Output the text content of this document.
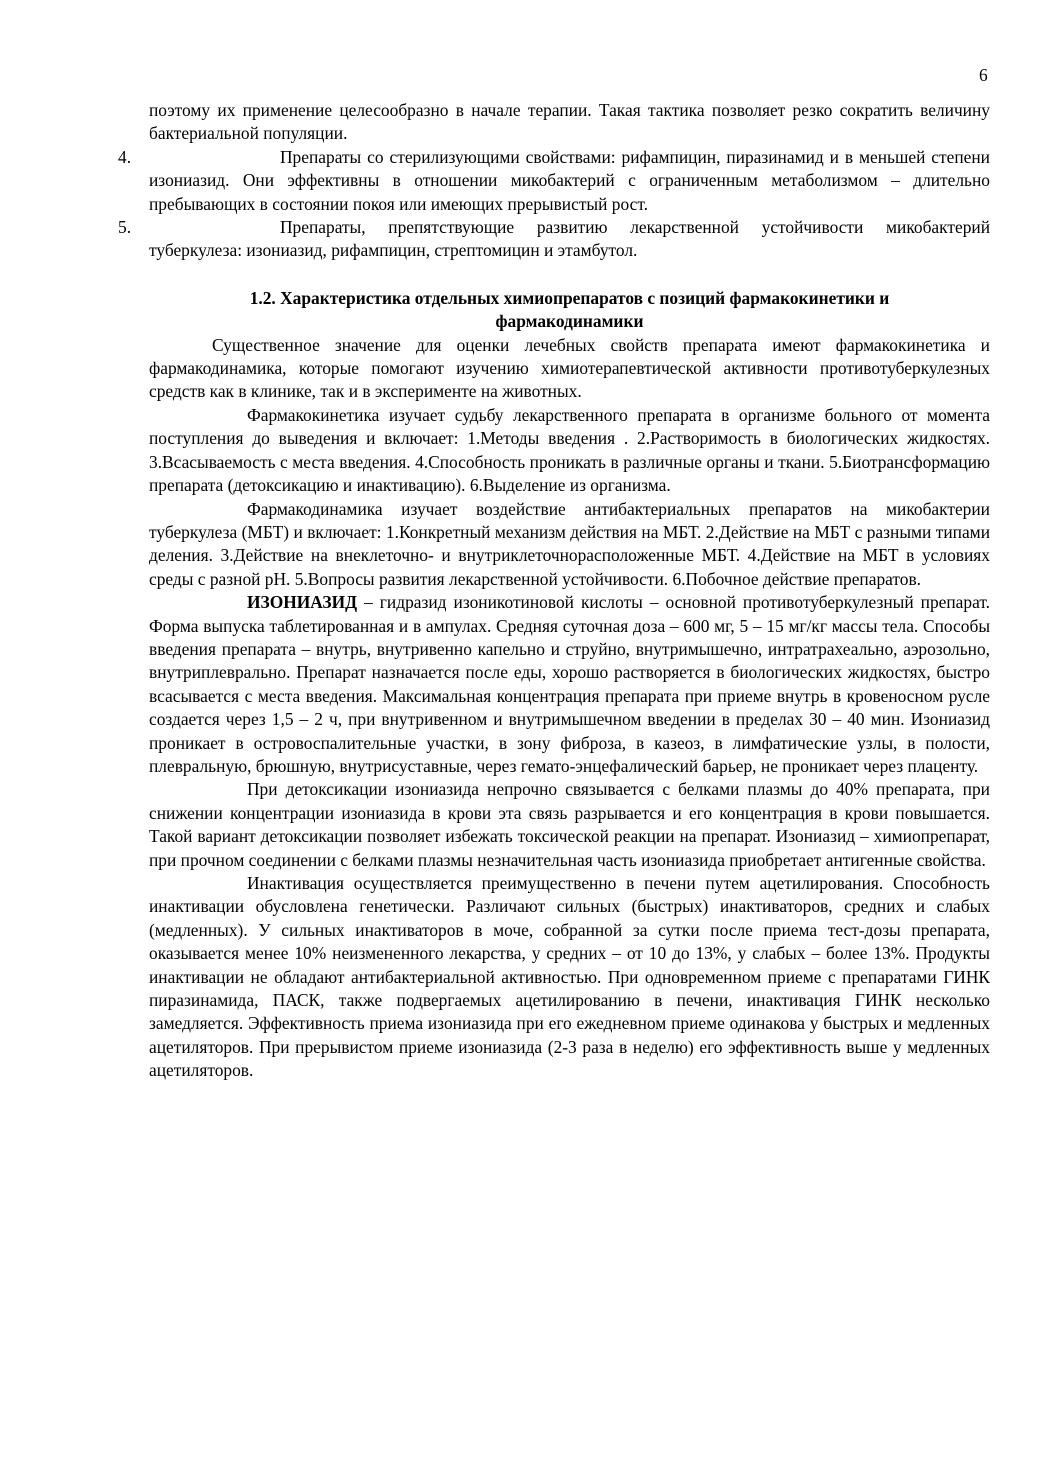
6

поэтому их применение целесообразно в начале терапии. Такая тактика позволяет резко сократить величину бактериальной популяции.

4.	Препараты со стерилизующими свойствами: рифампицин, пиразинамид и в меньшей степени изониазид. Они эффективны в отношении микобактерий с ограниченным метаболизмом – длительно пребывающих в состоянии покоя или имеющих прерывистый рост.

5.	Препараты, препятствующие развитию лекарственной устойчивости микобактерий туберкулеза: изониазид, рифампицин, стрептомицин и этамбутол.

1.2. Характеристика отдельных химиопрепаратов с позиций фармакокинетики и
фармакодинамики

Существенное значение для оценки лечебных свойств препарата имеют фармакокинетика и фармакодинамика, которые помогают изучению химиотерапевтической активности противотуберкулезных средств как в клинике, так и в эксперименте на животных.

Фармакокинетика изучает судьбу лекарственного препарата в организме больного от момента поступления до выведения и включает: 1.Методы введения . 2.Растворимость в биологических жидкостях. 3.Всасываемость с места введения. 4.Способность проникать в различные органы и ткани. 5.Биотрансформацию препарата (детоксикацию и инактивацию). 6.Выделение из организма.

Фармакодинамика изучает воздействие антибактериальных препаратов на микобактерии туберкулеза (МБТ) и включает: 1.Конкретный механизм действия на МБТ. 2.Действие на МБТ с разными типами деления. 3.Действие на внеклеточно- и внутриклеточнорасположенные МБТ. 4.Действие на МБТ в условиях среды с разной pH. 5.Вопросы развития лекарственной устойчивости. 6.Побочное действие препаратов.

ИЗОНИАЗИД – гидразид изоникотиновой кислоты – основной противотуберкулезный препарат. Форма выпуска таблетированная и в ампулах. Средняя суточная доза – 600 мг, 5 – 15 мг/кг массы тела. Способы введения препарата – внутрь, внутривенно капельно и струйно, внутримышечно, интратрахеально, аэрозольно, внутриплеврально. Препарат назначается после еды, хорошо растворяется в биологических жидкостях, быстро всасывается с места введения. Максимальная концентрация препарата при приеме внутрь в кровеносном русле создается через 1,5 – 2 ч, при внутривенном и внутримышечном введении в пределах 30 – 40 мин. Изониазид проникает в островоспалительные участки, в зону фиброза, в казеоз, в лимфатические узлы, в полости, плевральную, брюшную, внутрисуставные, через гемато-энцефалический барьер, не проникает через плаценту.

При детоксикации изониазида непрочно связывается с белками плазмы до 40% препарата, при снижении концентрации изониазида в крови эта связь разрывается и его концентрация в крови повышается. Такой вариант детоксикации позволяет избежать токсической реакции на препарат. Изониазид – химиопрепарат, при прочном соединении с белками плазмы незначительная часть изониазида приобретает антигенные свойства.

Инактивация осуществляется преимущественно в печени путем ацетилирования. Способность инактивации обусловлена генетически. Различают сильных (быстрых) инактиваторов, средних и слабых (медленных). У сильных инактиваторов в моче, собранной за сутки после приема тест-дозы препарата, оказывается менее 10% неизмененного лекарства, у средних – от 10 до 13%, у слабых – более 13%. Продукты инактивации не обладают антибактериальной активностью. При одновременном приеме с препаратами ГИНК пиразинамида, ПАСК, также подвергаемых ацетилированию в печени, инактивация ГИНК несколько замедляется. Эффективность приема изониазида при его ежедневном приеме одинакова у быстрых и медленных ацетиляторов. При прерывистом приеме изониазида (2-3 раза в неделю) его эффективность выше у медленных ацетиляторов.
